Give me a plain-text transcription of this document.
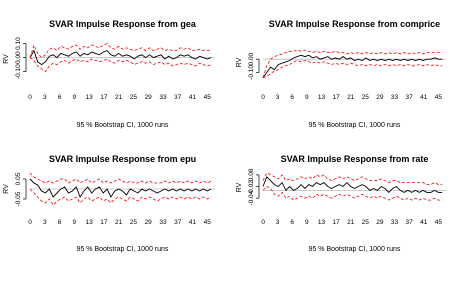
SVAR Impulse Response from gea
-0.10
0.00
0.10
RV
0 3 6 9 13 17 21 25 29 33 37 41 45
95 % Bootstrap CI, 1000 runs
SVAR Impulse Response from comprice
-0.10
0.00
RV
0 3 6 9 13 17 21 25 29 33 37 41 45
95 % Bootstrap CI, 1000 runs
SVAR Impulse Response from epu
-0.05
0.05
RV
0 3 6 9 13 17 21 25 29 33 37 41 45
95 % Bootstrap CI, 1000 runs
SVAR Impulse Response from rate
-0.04
0.02
0.08
RV
0 3 6 9 13 17 21 25 29 33 37 41 45
95 % Bootstrap CI, 1000 runs
